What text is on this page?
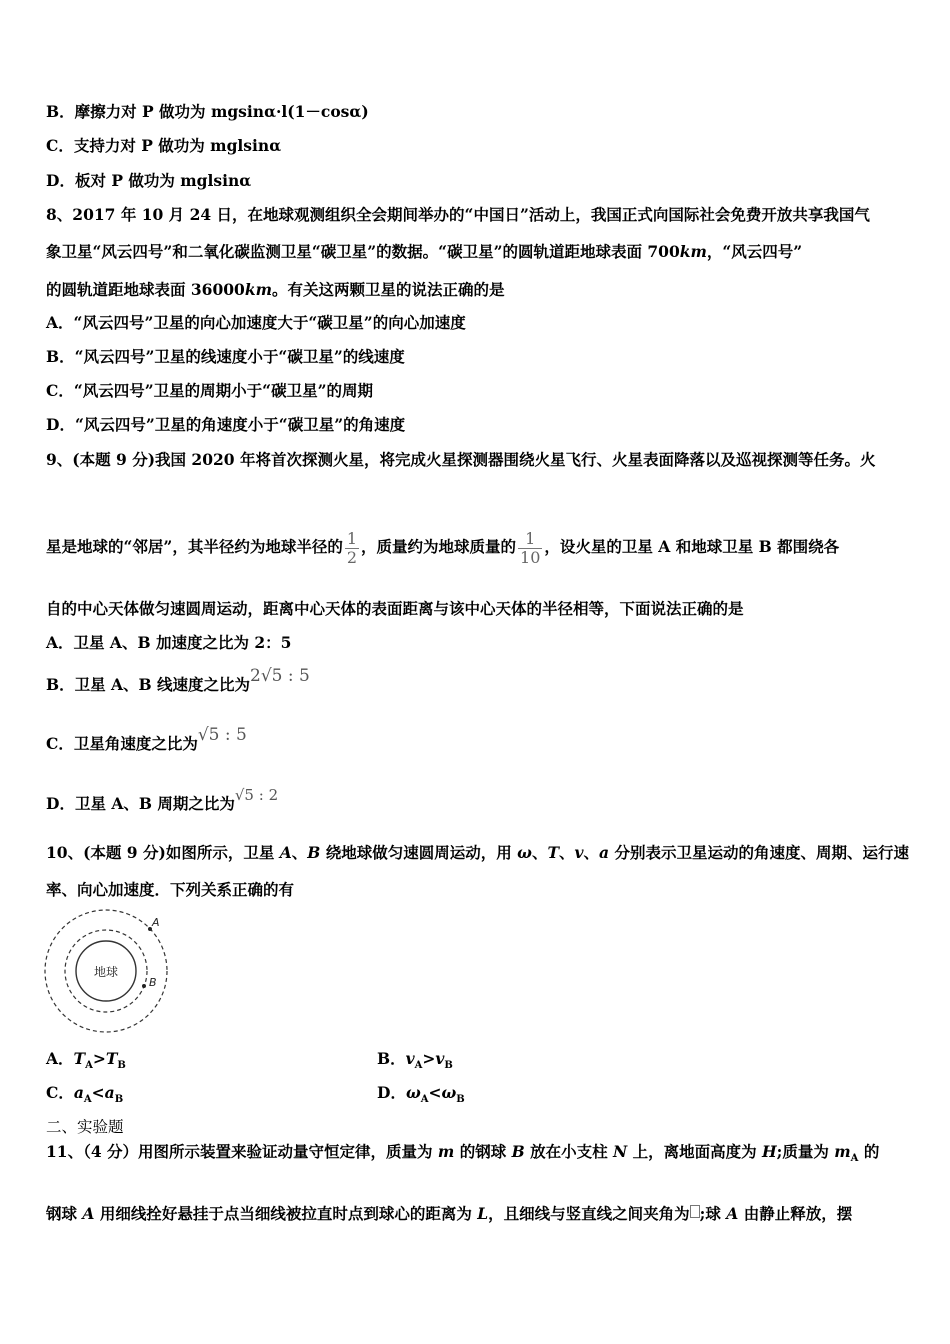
B．摩擦力对 P 做功为 mgsinα·l(1－cosα)
C．支持力对 P 做功为 mglsinα
D．板对 P 做功为 mglsinα
8、2017 年 10 月 24 日，在地球观测组织全会期间举办的“中国日”活动上，我国正式向国际社会免费开放共享我国气
象卫星“风云四号”和二氧化碳监测卫星“碳卫星”的数据。“碳卫星”的圆轨道距地球表面 700km，“风云四号”
的圆轨道距地球表面 36000km。有关这两颗卫星的说法正确的是
A．“风云四号”卫星的向心加速度大于“碳卫星”的向心加速度
B．“风云四号”卫星的线速度小于“碳卫星”的线速度
C．“风云四号”卫星的周期小于“碳卫星”的周期
D．“风云四号”卫星的角速度小于“碳卫星”的角速度
9、(本题 9 分)我国 2020 年将首次探测火星，将完成火星探测器围绕火星飞行、火星表面降落以及巡视探测等任务。火
星是地球的“邻居”，其半径约为地球半径的 $\frac{1}{2}$ ，质量约为地球质量的 $\frac{1}{10}$ ，设火星的卫星 A 和地球卫星 B 都围绕各
自的中心天体做匀速圆周运动，距离中心天体的表面距离与该中心天体的半径相等，下面说法正确的是
A．卫星 A、B 加速度之比为 2：5
B．卫星 A、B 线速度之比为2√5 : 5
C．卫星角速度之比为√5 : 5
D．卫星 A、B 周期之比为√5 : 2
10、(本题 9 分)如图所示，卫星 A、B 绕地球做匀速圆周运动，用 ω、T、v、a 分别表示卫星运动的角速度、周期、运行速
率、向心加速度．下列关系正确的有
地球
A
B
A．$T_A>T_B$	B．$v_A>v_B$
C．$a_A<a_B$	D．$\omega_A<\omega_B$
二、实验题
11、（4 分）用图所示装置来验证动量守恒定律，质量为 m 的钢球 B 放在小支柱 N 上，离地面高度为 H;质量为 $m_A$ 的
钢球 A 用细线拴好悬挂于点当细线被拉直时点到球心的距离为 L，且细线与竖直线之间夹角为 ;球 A 由静止释放，摆
